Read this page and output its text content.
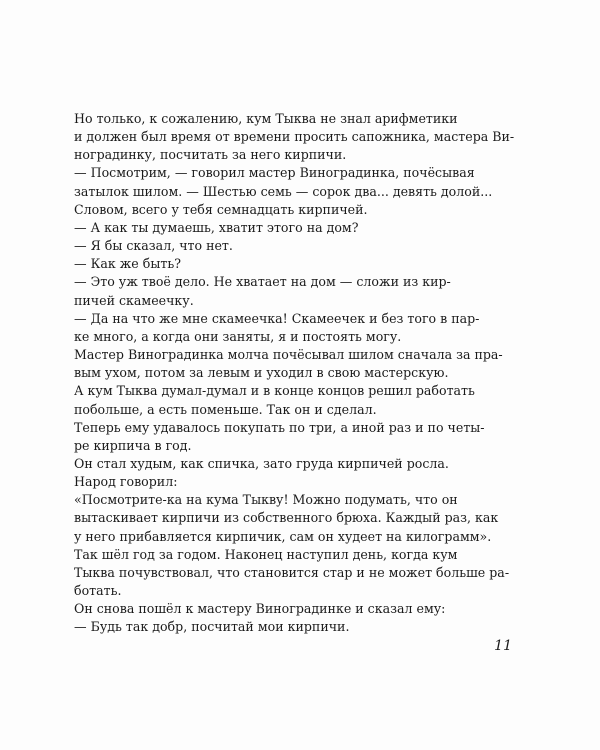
Но только, к сожалению, кум Тыква не знал арифметики
и должен был время от времени просить сапожника, мастера Ви-
ноградинку, посчитать за него кирпичи.

— Посмотрим, — говорил мастер Виноградинка, почёсывая
затылок шилом. — Шестью семь — сорок два... девять долой...
Словом, всего у тебя семнадцать кирпичей.

— А как ты думаешь, хватит этого на дом?

— Я бы сказал, что нет.

— Как же быть?

— Это уж твоё дело. Не хватает на дом — сложи из кир-
пичей скамеечку.

— Да на что же мне скамеечка! Скамеечек и без того в пар-
ке много, а когда они заняты, я и постоять могу.

Мастер Виноградинка молча почёсывал шилом сначала за пра-
вым ухом, потом за левым и уходил в свою мастерскую.

А кум Тыква думал-думал и в конце концов решил работать
побольше, а есть поменьше. Так он и сделал.

Теперь ему удавалось покупать по три, а иной раз и по четы-
ре кирпича в год.

Он стал худым, как спичка, зато груда кирпичей росла.

Народ говорил:

«Посмотрите-ка на кума Тыкву! Можно подумать, что он
вытаскивает кирпичи из собственного брюха. Каждый раз, как
у него прибавляется кирпичик, сам он худеет на килограмм».

Так шёл год за годом. Наконец наступил день, когда кум
Тыква почувствовал, что становится стар и не может больше ра-
ботать.

Он снова пошёл к мастеру Виноградинке и сказал ему:

— Будь так добр, посчитай мои кирпичи.

11
